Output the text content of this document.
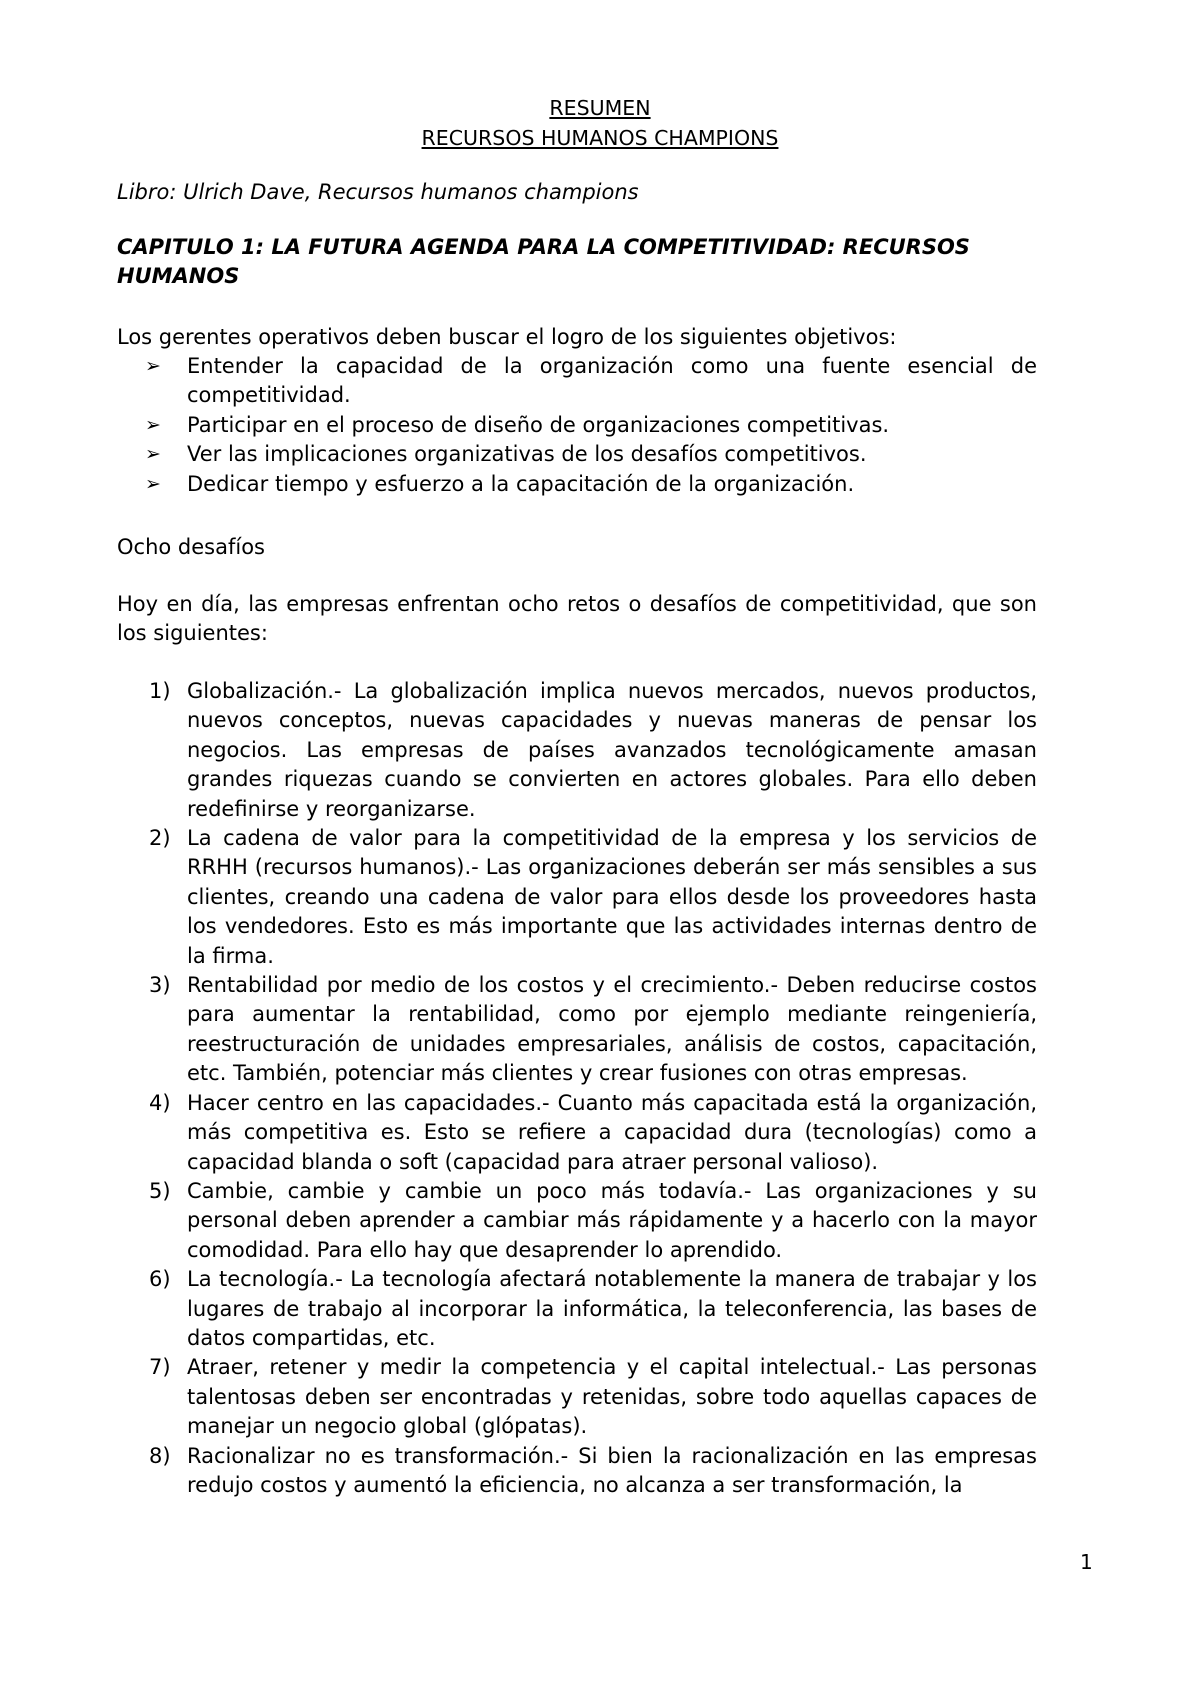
RESUMEN
RECURSOS HUMANOS CHAMPIONS
Libro: Ulrich Dave, Recursos humanos champions
CAPITULO 1: LA FUTURA AGENDA PARA LA COMPETITIVIDAD: RECURSOS HUMANOS
Los gerentes operativos deben buscar el logro de los siguientes objetivos:
➢ Entender la capacidad de la organización como una fuente esencial de competitividad.
➢ Participar en el proceso de diseño de organizaciones competitivas.
➢ Ver las implicaciones organizativas de los desafíos competitivos.
➢ Dedicar tiempo y esfuerzo a la capacitación de la organización.
Ocho desafíos
Hoy en día, las empresas enfrentan ocho retos o desafíos de competitividad, que son los siguientes:
1) Globalización.- La globalización implica nuevos mercados, nuevos productos, nuevos conceptos, nuevas capacidades y nuevas maneras de pensar los negocios. Las empresas de países avanzados tecnológicamente amasan grandes riquezas cuando se convierten en actores globales. Para ello deben redefinirse y reorganizarse.
2) La cadena de valor para la competitividad de la empresa y los servicios de RRHH (recursos humanos).- Las organizaciones deberán ser más sensibles a sus clientes, creando una cadena de valor para ellos desde los proveedores hasta los vendedores. Esto es más importante que las actividades internas dentro de la firma.
3) Rentabilidad por medio de los costos y el crecimiento.- Deben reducirse costos para aumentar la rentabilidad, como por ejemplo mediante reingeniería, reestructuración de unidades empresariales, análisis de costos, capacitación, etc. También, potenciar más clientes y crear fusiones con otras empresas.
4) Hacer centro en las capacidades.- Cuanto más capacitada está la organización, más competitiva es. Esto se refiere a capacidad dura (tecnologías) como a capacidad blanda o soft (capacidad para atraer personal valioso).
5) Cambie, cambie y cambie un poco más todavía.- Las organizaciones y su personal deben aprender a cambiar más rápidamente y a hacerlo con la mayor comodidad. Para ello hay que desaprender lo aprendido.
6) La tecnología.- La tecnología afectará notablemente la manera de trabajar y los lugares de trabajo al incorporar la informática, la teleconferencia, las bases de datos compartidas, etc.
7) Atraer, retener y medir la competencia y el capital intelectual.- Las personas talentosas deben ser encontradas y retenidas, sobre todo aquellas capaces de manejar un negocio global (glópatas).
8) Racionalizar no es transformación.- Si bien la racionalización en las empresas redujo costos y aumentó la eficiencia, no alcanza a ser transformación, la
1
